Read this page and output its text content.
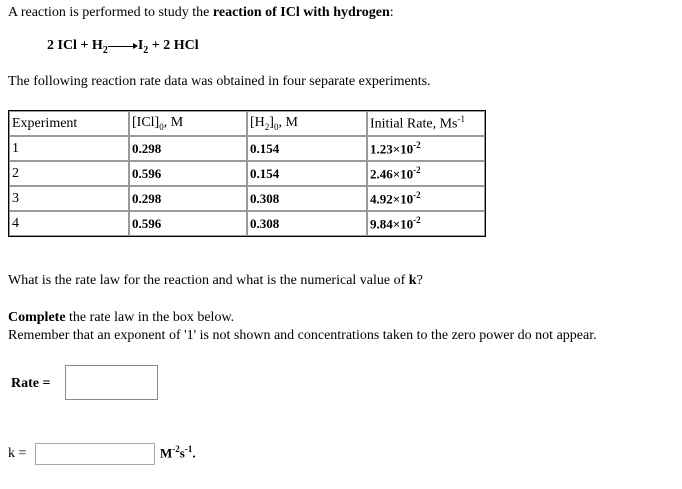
A reaction is performed to study the reaction of ICl with hydrogen:
2 ICl + $H_2$ $I_2 + 2$ HCl
The following reaction rate data was obtained in four separate experiments.
Experiment	$[ICl]_0$, M	$[H_2]_0$, M	Initial Rate, $Ms^{-1}$
1	0.298	0.154	$1.23\times 10^{-2}$
2	0.596	0.154	$2.46\times 10^{-2}$
3	0.298	0.308	$4.92\times 10^{-2}$
4	0.596	0.308	$9.84\times 10^{-2}$
What is the rate law for the reaction and what is the numerical value of k?
Complete the rate law in the box below.
Remember that an exponent of '1' is not shown and concentrations taken to the zero power do not appear.
Rate =
k =	$M^{-2}s^{-1}$.
